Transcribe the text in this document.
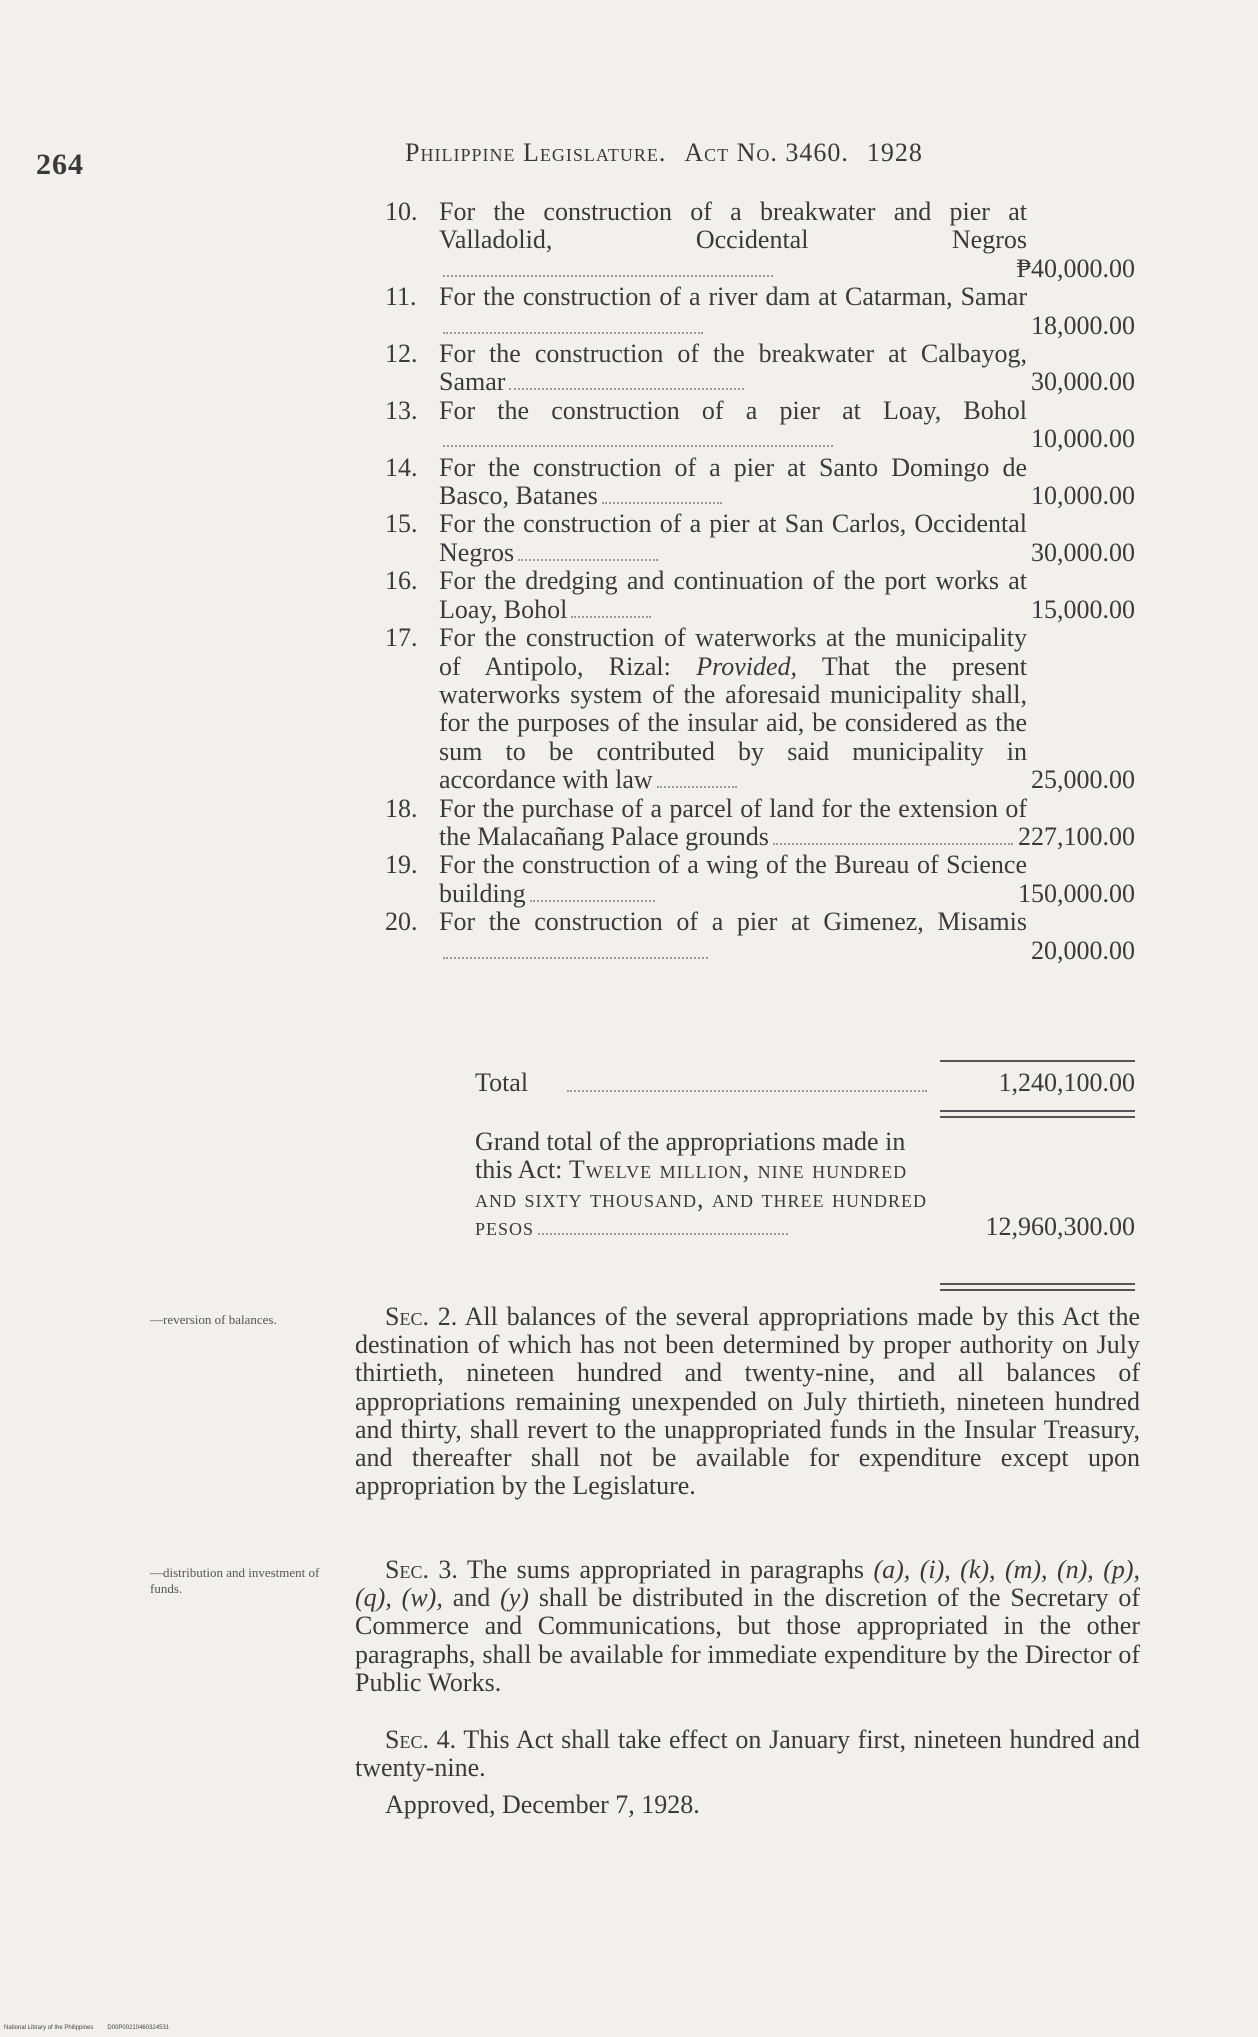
264	Philippine Legislature. Act No. 3460. 1928
10. For the construction of a breakwater and pier at Valladolid, Occidental Negros
₱40,000.00
11. For the construction of a river dam at Catarman, Samar
18,000.00
12. For the construction of the breakwater at Calbayog, Samar	30,000.00
13. For the construction of a pier at Loay, Bohol
10,000.00
14. For the construction of a pier at Santo Domingo de Basco, Batanes	10,000.00
15. For the construction of a pier at San Carlos, Occidental Negros	30,000.00
16. For the dredging and continuation of the port works at Loay, Bohol	15,000.00
17. For the construction of waterworks at the municipality of Antipolo, Rizal: Provided, That the present waterworks system of the aforesaid municipality shall, for the purposes of the insular aid, be considered as the sum to be contributed by said municipality in accordance with law	25,000.00
18. For the purchase of a parcel of land for the extension of the Malacañang Palace grounds	227,100.00
19. For the construction of a wing of the Bureau of Science building	150,000.00
20. For the construction of a pier at Gimenez, Misamis
20,000.00
Total	1,240,100.00
Grand total of the appropriations made in this Act: Twelve million, nine hundred and sixty thousand, and three hundred pesos	12,960,300.00
—reversion of balances.
—distribution and investment of funds.

Sec. 2. All balances of the several appropriations made by this Act the destination of which has not been determined by proper authority on July thirtieth, nineteen hundred and twenty-nine, and all balances of appropriations remaining unexpended on July thirtieth, nineteen hundred and thirty, shall revert to the unappropriated funds in the Insular Treasury, and thereafter shall not be available for expenditure except upon appropriation by the Legislature.

Sec. 3. The sums appropriated in paragraphs (a), (i), (k), (m), (n), (p), (q), (w), and (y) shall be distributed in the discretion of the Secretary of Commerce and Communications, but those appropriated in the other paragraphs, shall be available for immediate expenditure by the Director of Public Works.

Sec. 4. This Act shall take effect on January first, nineteen hundred and twenty-nine.

Approved, December 7, 1928.
National Library of the Philippines D00P00210460324531
